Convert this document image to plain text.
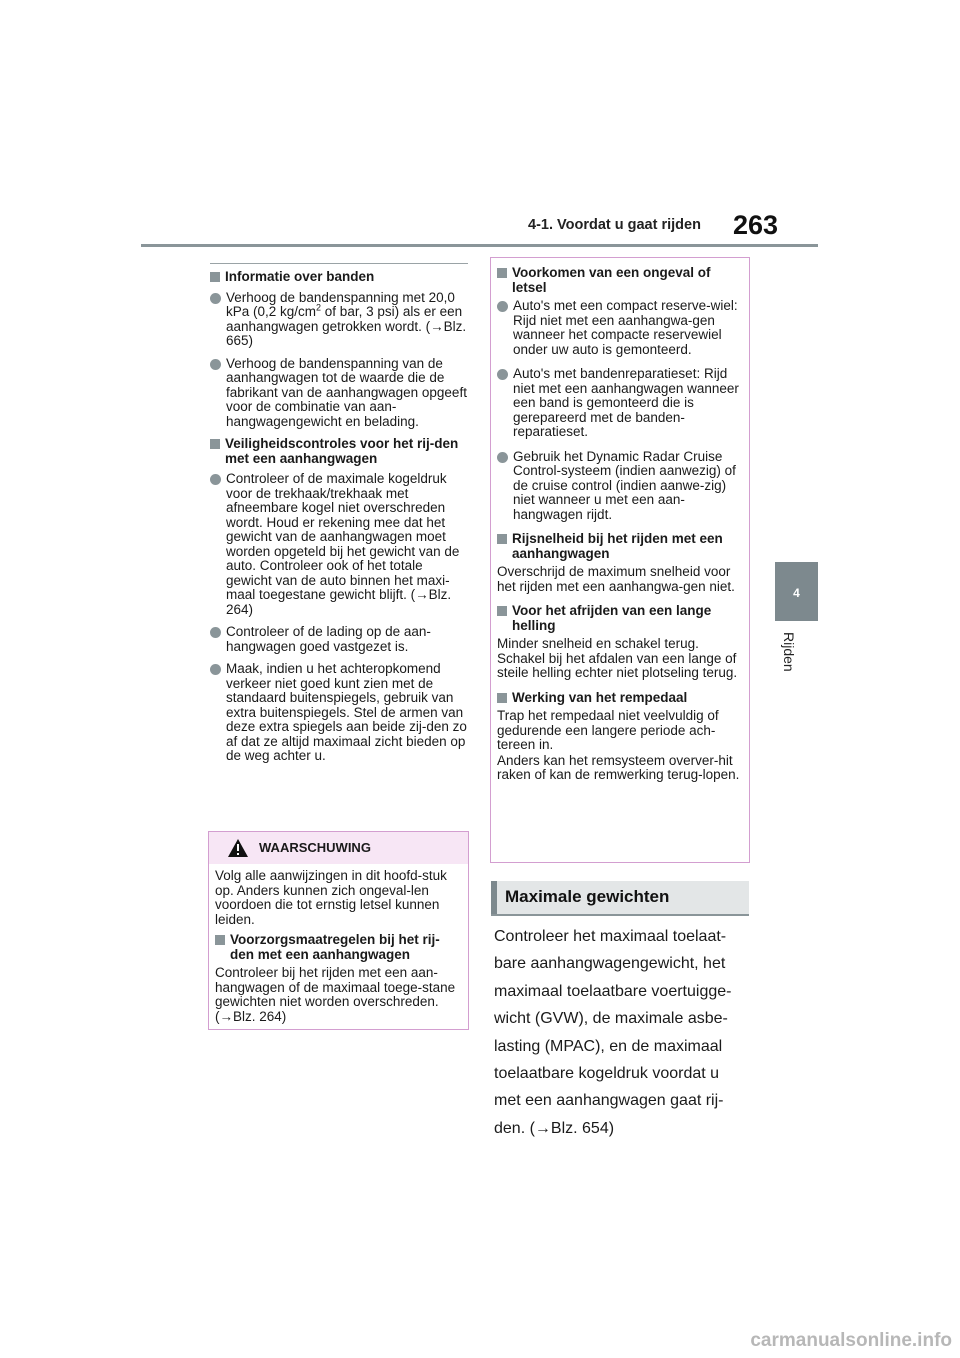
4-1. Voordat u gaat rijden 263
4
Rijden
Informatie over banden
Verhoog de bandenspanning met 20,0 kPa (0,2 $kg/cm^2$ of bar, 3 psi) als er een aanhangwagen getrokken wordt. (→Blz. 665)
Verhoog de bandenspanning van de aanhangwagen tot de waarde die de fabrikant van de aanhangwagen opgeeft voor de combinatie van aan-hangwagengewicht en belading.
Veiligheidscontroles voor het rij-den met een aanhangwagen
Controleer of de maximale kogeldruk voor de trekhaak/trekhaak met afneembare kogel niet overschreden wordt. Houd er rekening mee dat het gewicht van de aanhangwagen moet worden opgeteld bij het gewicht van de auto. Controleer ook of het totale gewicht van de auto binnen het maxi-maal toegestane gewicht blijft. (→Blz. 264)
Controleer of de lading op de aan-hangwagen goed vastgezet is.
Maak, indien u het achteropkomend verkeer niet goed kunt zien met de standaard buitenspiegels, gebruik van extra buitenspiegels. Stel de armen van deze extra spiegels aan beide zij-den zo af dat ze altijd maximaal zicht bieden op de weg achter u.
WAARSCHUWING
Volg alle aanwijzingen in dit hoofd-stuk op. Anders kunnen zich ongeval-len voordoen die tot ernstig letsel kunnen leiden.
Voorzorgsmaatregelen bij het rij-den met een aanhangwagen
Controleer bij het rijden met een aan-hangwagen of de maximaal toege-stane gewichten niet worden overschreden. (→Blz. 264)
Voorkomen van een ongeval of letsel
Auto's met een compact reserve-wiel: Rijd niet met een aanhangwa-gen wanneer het compacte reservewiel onder uw auto is gemonteerd.
Auto's met bandenreparatieset: Rijd niet met een aanhangwagen wanneer een band is gemonteerd die is gerepareerd met de banden-reparatieset.
Gebruik het Dynamic Radar Cruise Control-systeem (indien aanwezig) of de cruise control (indien aanwe-zig) niet wanneer u met een aan-hangwagen rijdt.
Rijsnelheid bij het rijden met een aanhangwagen
Overschrijd de maximum snelheid voor het rijden met een aanhangwa-gen niet.
Voor het afrijden van een lange helling
Minder snelheid en schakel terug. Schakel bij het afdalen van een lange of steile helling echter niet plotseling terug.
Werking van het rempedaal
Trap het rempedaal niet veelvuldig of gedurende een langere periode ach-tereen in.
Anders kan het remsysteem overver-hit raken of kan de remwerking terug-lopen.
Maximale gewichten
Controleer het maximaal toelaat-bare aanhangwagengewicht, het maximaal toelaatbare voertuigge-wicht (GVW), de maximale asbe-lasting (MPAC), en de maximaal toelaatbare kogeldruk voordat u met een aanhangwagen gaat rij-den. (→Blz. 654)
carmanualsonline.info
